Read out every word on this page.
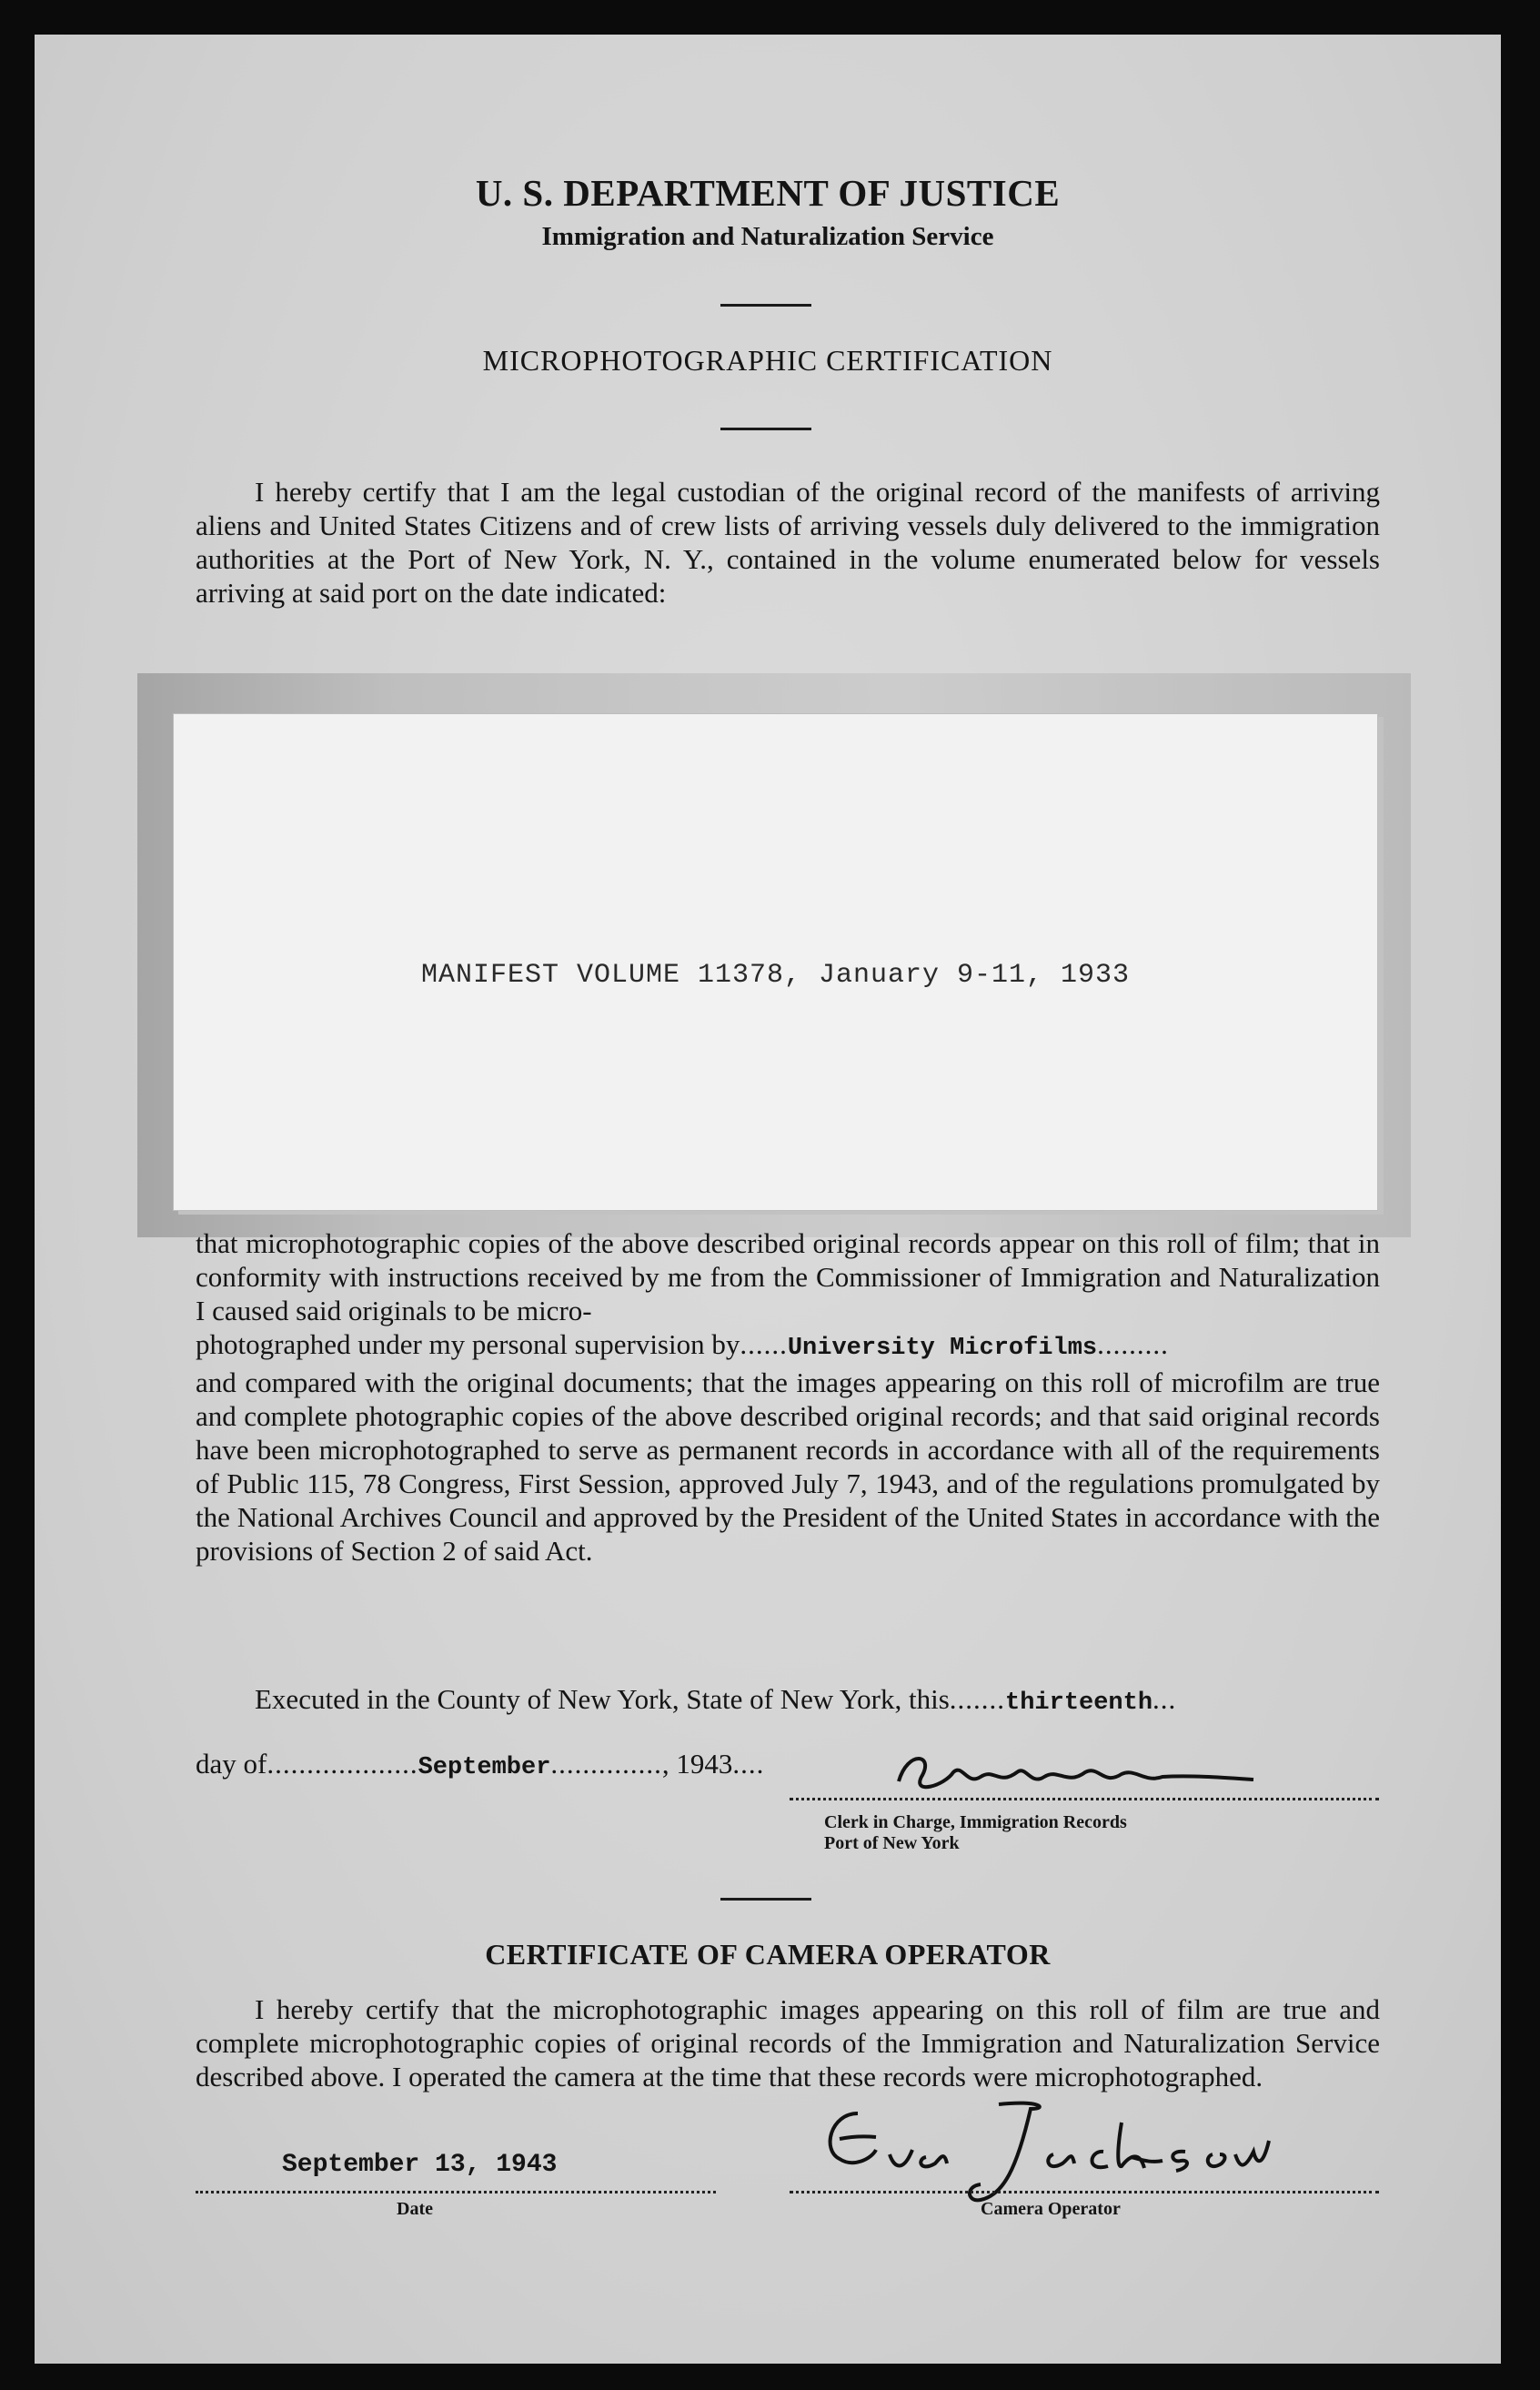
U. S. DEPARTMENT OF JUSTICE
Immigration and Naturalization Service
MICROPHOTOGRAPHIC CERTIFICATION
I hereby certify that I am the legal custodian of the original record of the manifests of arriving aliens and United States Citizens and of crew lists of arriving vessels duly delivered to the immigration authorities at the Port of New York, N. Y., contained in the volume enumerated below for vessels arriving at said port on the date indicated:
MANIFEST VOLUME 11378, January 9-11, 1933
that microphotographic copies of the above described original records appear on this roll of film; that in conformity with instructions received by me from the Commissioner of Immigration and Naturalization I caused said originals to be micro-
photographed under my personal supervision by......University Microfilms.........
and compared with the original documents; that the images appearing on this roll of microfilm are true and complete photographic copies of the above described original records; and that said original records have been microphotographed to serve as permanent records in accordance with all of the requirements of Public 115, 78 Congress, First Session, approved July 7, 1943, and of the regulations promulgated by the National Archives Council and approved by the President of the United States in accordance with the provisions of Section 2 of said Act.
Executed in the County of New York, State of New York, this.......thirteenth...
day of...................September.............., 1943....
Clerk in Charge, Immigration Records
Port of New York
CERTIFICATE OF CAMERA OPERATOR
I hereby certify that the microphotographic images appearing on this roll of film are true and complete microphotographic copies of original records of the Immigration and Naturalization Service described above. I operated the camera at the time that these records were microphotographed.
September 13, 1943
Date	Camera Operator
